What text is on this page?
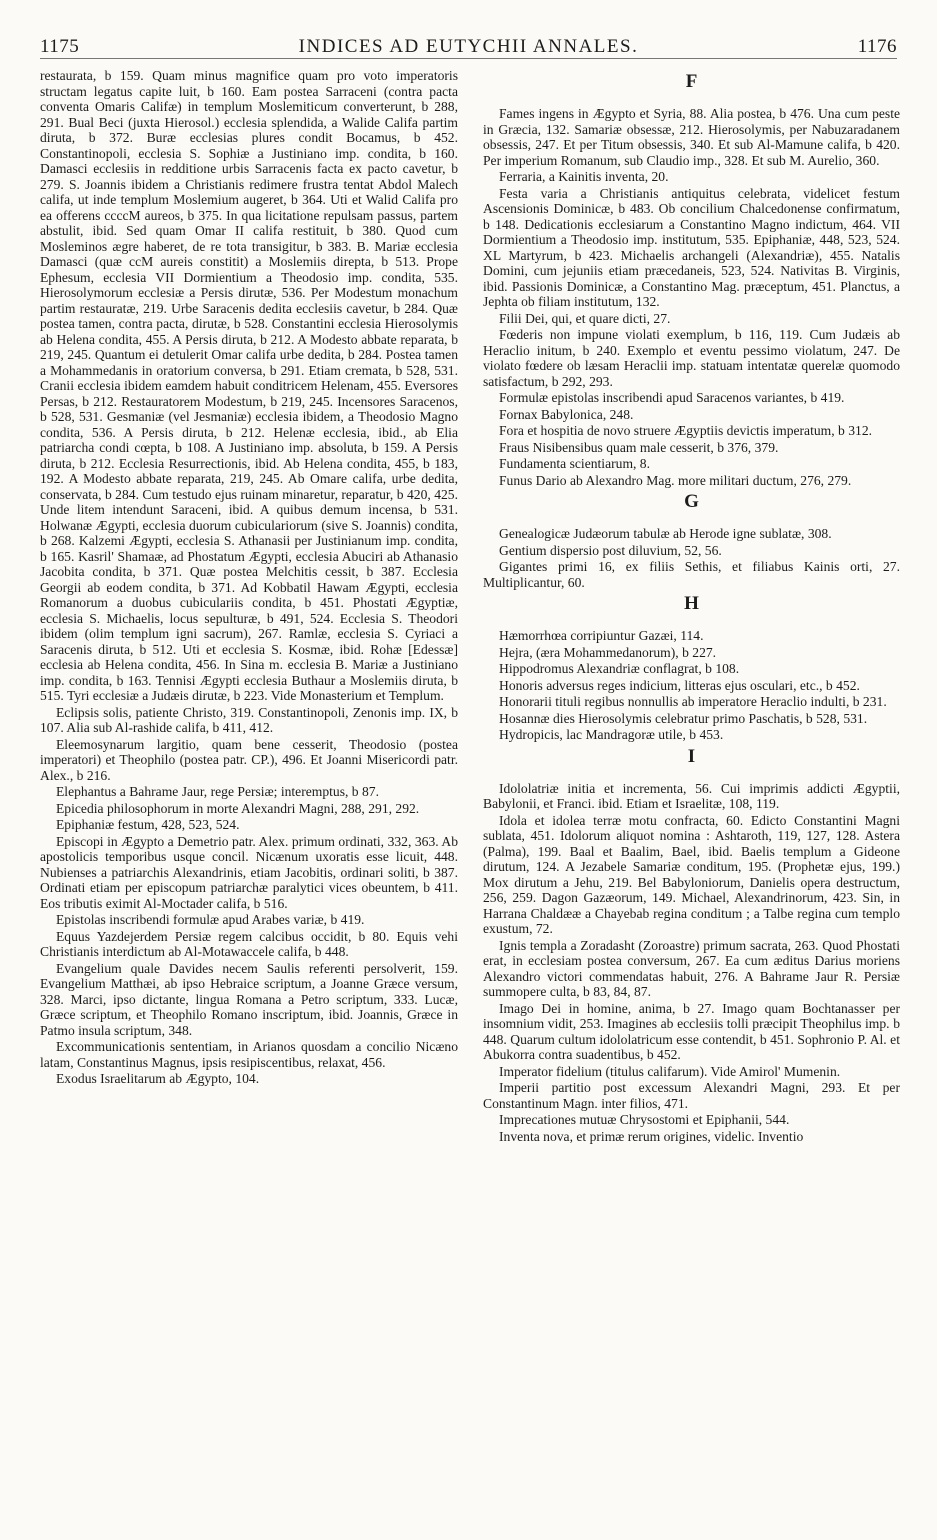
1175	INDICES AD EUTYCHII ANNALES.	1176

restaurata, b 159. Quam minus magnifice quam pro voto imperatoris structam legatus capite luit, b 160. Eam postea Sarraceni (contra pacta conventa Omaris Califæ) in templum Moslemiticum converterunt, b 288, 291. Bual Beci (juxta Hierosol.) ecclesia splendida, a Walide Califa partim diruta, b 372. Buræ ecclesias plures condit Bocamus, b 452. Constantinopoli, ecclesia S. Sophiæ a Justiniano imp. condita, b 160. Damasci ecclesiis in redditione urbis Sarracenis facta ex pacto cavetur, b 279. S. Joannis ibidem a Christianis redimere frustra tentat Abdol Malech califa, ut inde templum Moslemium augeret, b 364. Uti et Walid Califa pro ea offerens ccccM aureos, b 375. In qua licitatione repulsam passus, partem abstulit, ibid. Sed quam Omar II califa restituit, b 380. Quod cum Mosleminos ægre haberet, de re tota transigitur, b 383. B. Mariæ ecclesia Damasci (quæ ccM aureis constitit) a Moslemiis direpta, b 513. Prope Ephesum, ecclesia VII Dormientium a Theodosio imp. condita, 535. Hierosolymorum ecclesiæ a Persis dirutæ, 536. Per Modestum monachum partim restauratæ, 219. Urbe Saracenis dedita ecclesiis cavetur, b 284. Quæ postea tamen, contra pacta, dirutæ, b 528. Constantini ecclesia Hierosolymis ab Helena condita, 455. A Persis diruta, b 212. A Modesto abbate reparata, b 219, 245. Quantum ei detulerit Omar califa urbe dedita, b 284. Postea tamen a Mohammedanis in oratorium conversa, b 291. Etiam cremata, b 528, 531. Cranii ecclesia ibidem eamdem habuit conditricem Helenam, 455. Eversores Persas, b 212. Restauratorem Modestum, b 219, 245. Incensores Saracenos, b 528, 531. Gesmaniæ (vel Jesmaniæ) ecclesia ibidem, a Theodosio Magno condita, 536. A Persis diruta, b 212. Helenæ ecclesia, ibid., ab Elia patriarcha condi cœpta, b 108. A Justiniano imp. absoluta, b 159. A Persis diruta, b 212. Ecclesia Resurrectionis, ibid. Ab Helena condita, 455, b 183, 192. A Modesto abbate reparata, 219, 245. Ab Omare califa, urbe dedita, conservata, b 284. Cum testudo ejus ruinam minaretur, reparatur, b 420, 425. Unde litem intendunt Saraceni, ibid. A quibus demum incensa, b 531. Holwanæ Ægypti, ecclesia duorum cubiculariorum (sive S. Joannis) condita, b 268. Kalzemi Ægypti, ecclesia S. Athanasii per Justinianum imp. condita, b 165. Kasril' Shamaæ, ad Phostatum Ægypti, ecclesia Abuciri ab Athanasio Jacobita condita, b 371. Quæ postea Melchitis cessit, b 387. Ecclesia Georgii ab eodem condita, b 371. Ad Kobbatil Hawam Ægypti, ecclesia Romanorum a duobus cubiculariis condita, b 451. Phostati Ægyptiæ, ecclesia S. Michaelis, locus sepulturæ, b 491, 524. Ecclesia S. Theodori ibidem (olim templum igni sacrum), 267. Ramlæ, ecclesia S. Cyriaci a Saracenis diruta, b 512. Uti et ecclesia S. Kosmæ, ibid. Rohæ [Edessæ] ecclesia ab Helena condita, 456. In Sina m. ecclesia B. Mariæ a Justiniano imp. condita, b 163. Tennisi Ægypti ecclesia Buthaur a Moslemiis diruta, b 515. Tyri ecclesiæ a Judæis dirutæ, b 223. Vide Monasterium et Templum.

Eclipsis solis, patiente Christo, 319. Constantinopoli, Zenonis imp. IX, b 107. Alia sub Al-rashide califa, b 411, 412.

Eleemosynarum largitio, quam bene cesserit, Theodosio (postea imperatori) et Theophilo (postea patr. CP.), 496. Et Joanni Misericordi patr. Alex., b 216.

Elephantus a Bahrame Jaur, rege Persiæ; interemptus, b 87.

Epicedia philosophorum in morte Alexandri Magni, 288, 291, 292.

Epiphaniæ festum, 428, 523, 524.

Episcopi in Ægypto a Demetrio patr. Alex. primum ordinati, 332, 363. Ab apostolicis temporibus usque concil. Nicænum uxoratis esse licuit, 448. Nubienses a patriarchis Alexandrinis, etiam Jacobitis, ordinari soliti, b 387. Ordinati etiam per episcopum patriarchæ paralytici vices obeuntem, b 411. Eos tributis eximit Al-Moctader califa, b 516.

Epistolas inscribendi formulæ apud Arabes variæ, b 419.

Equus Yazdejerdem Persiæ regem calcibus occidit, b 80. Equis vehi Christianis interdictum ab Al-Motawaccele califa, b 448.

Evangelium quale Davides necem Saulis referenti persolverit, 159. Evangelium Matthæi, ab ipso Hebraice scriptum, a Joanne Græce versum, 328. Marci, ipso dictante, lingua Romana a Petro scriptum, 333. Lucæ, Græce scriptum, et Theophilo Romano inscriptum, ibid. Joannis, Græce in Patmo insula scriptum, 348.

Excommunicationis sententiam, in Arianos quosdam a concilio Nicæno latam, Constantinus Magnus, ipsis resipiscentibus, relaxat, 456.

Exodus Israelitarum ab Ægypto, 104.

F

Fames ingens in Ægypto et Syria, 88. Alia postea, b 476. Una cum peste in Græcia, 132. Samariæ obsessæ, 212. Hierosolymis, per Nabuzaradanem obsessis, 247. Et per Titum obsessis, 340. Et sub Al-Mamune califa, b 420. Per imperium Romanum, sub Claudio imp., 328. Et sub M. Aurelio, 360.

Ferraria, a Kainitis inventa, 20.

Festa varia a Christianis antiquitus celebrata, videlicet festum Ascensionis Dominicæ, b 483. Ob concilium Chalcedonense confirmatum, b 148. Dedicationis ecclesiarum a Constantino Magno indictum, 464. VII Dormientium a Theodosio imp. institutum, 535. Epiphaniæ, 448, 523, 524. XL Martyrum, b 423. Michaelis archangeli (Alexandriæ), 455. Natalis Domini, cum jejuniis etiam præcedaneis, 523, 524. Nativitas B. Virginis, ibid. Passionis Dominicæ, a Constantino Mag. præceptum, 451. Planctus, a Jephta ob filiam institutum, 132.

Filii Dei, qui, et quare dicti, 27.

Fœderis non impune violati exemplum, b 116, 119. Cum Judæis ab Heraclio initum, b 240. Exemplo et eventu pessimo violatum, 247. De violato fœdere ob læsam Heraclii imp. statuam intentatæ querelæ quomodo satisfactum, b 292, 293.

Formulæ epistolas inscribendi apud Saracenos variantes, b 419.

Fornax Babylonica, 248.

Fora et hospitia de novo struere Ægyptiis devictis imperatum, b 312.

Fraus Nisibensibus quam male cesserit, b 376, 379.

Fundamenta scientiarum, 8.

Funus Dario ab Alexandro Mag. more militari ductum, 276, 279.

G

Genealogicæ Judæorum tabulæ ab Herode igne sublatæ, 308.

Gentium dispersio post diluvium, 52, 56.

Gigantes primi 16, ex filiis Sethis, et filiabus Kainis orti, 27. Multiplicantur, 60.

H

Hæmorrhœa corripiuntur Gazæi, 114.

Hejra, (æra Mohammedanorum), b 227.

Hippodromus Alexandriæ conflagrat, b 108.

Honoris adversus reges indicium, litteras ejus osculari, etc., b 452.

Honorarii tituli regibus nonnullis ab imperatore Heraclio indulti, b 231.

Hosannæ dies Hierosolymis celebratur primo Paschatis, b 528, 531.

Hydropicis, lac Mandragoræ utile, b 453.

I

Idololatriæ initia et incrementa, 56. Cui imprimis addicti Ægyptii, Babylonii, et Franci. ibid. Etiam et Israelitæ, 108, 119.

Idola et idolea terræ motu confracta, 60. Edicto Constantini Magni sublata, 451. Idolorum aliquot nomina : Ashtaroth, 119, 127, 128. Astera (Palma), 199. Baal et Baalim, Bael, ibid. Baelis templum a Gideone dirutum, 124. A Jezabele Samariæ conditum, 195. (Prophetæ ejus, 199.) Mox dirutum a Jehu, 219. Bel Babyloniorum, Danielis opera destructum, 256, 259. Dagon Gazæorum, 149. Michael, Alexandrinorum, 423. Sin, in Harrana Chaldææ a Chayebab regina conditum ; a Talbe regina cum templo exustum, 72.

Ignis templa a Zoradasht (Zoroastre) primum sacrata, 263. Quod Phostati erat, in ecclesiam postea conversum, 267. Ea cum æditus Darius moriens Alexandro victori commendatas habuit, 276. A Bahrame Jaur R. Persiæ summopere culta, b 83, 84, 87.

Imago Dei in homine, anima, b 27. Imago quam Bochtanasser per insomnium vidit, 253. Imagines ab ecclesiis tolli præcipit Theophilus imp. b 448. Quarum cultum idololatricum esse contendit, b 451. Sophronio P. Al. et Abukorra contra suadentibus, b 452.

Imperator fidelium (titulus califarum). Vide Amirol' Mumenin.

Imperii partitio post excessum Alexandri Magni, 293. Et per Constantinum Magn. inter filios, 471.

Imprecationes mutuæ Chrysostomi et Epiphanii, 544.

Inventa nova, et primæ rerum origines, videlic. Inventio
